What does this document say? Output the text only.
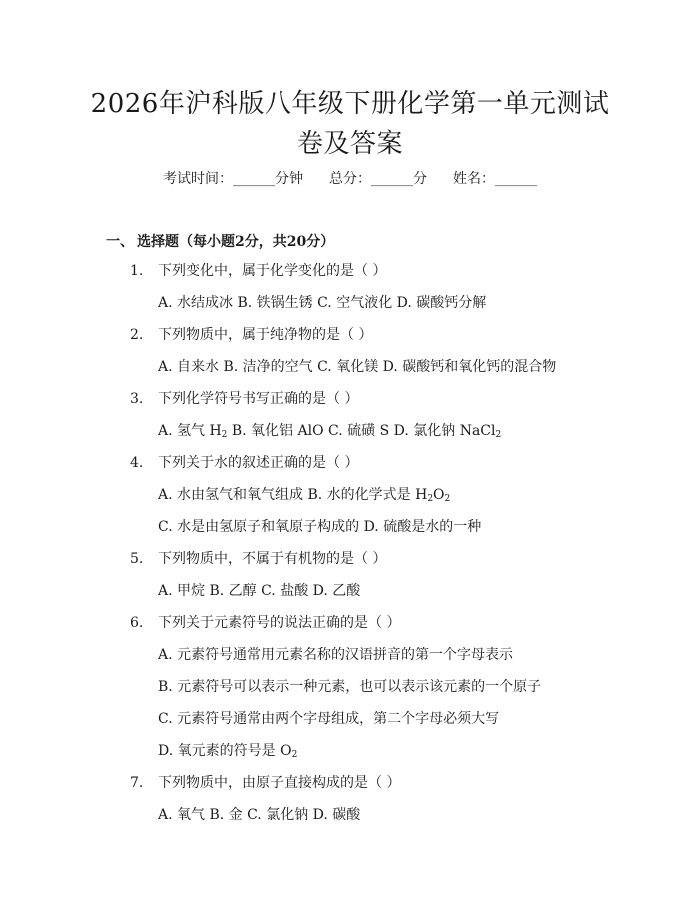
2026年沪科版八年级下册化学第一单元测试
卷及答案
考试时间：______分钟 总分：______分 姓名：______
一、 选择题（每小题2分，共20分）
1. 下列变化中，属于化学变化的是（ ）
A. 水结成冰 B. 铁锅生锈 C. 空气液化 D. 碳酸钙分解
2. 下列物质中，属于纯净物的是（ ）
A. 自来水 B. 洁净的空气 C. 氧化镁 D. 碳酸钙和氧化钙的混合物
3. 下列化学符号书写正确的是（ ）
A. 氢气 $H_2$ B. 氧化铝 AlO C. 硫磺 S D. 氯化钠 NaCl$_2$
4. 下列关于水的叙述正确的是（ ）
A. 水由氢气和氧气组成 B. 水的化学式是 $H_2O_2$
C. 水是由氢原子和氧原子构成的 D. 硫酸是水的一种
5. 下列物质中，不属于有机物的是（ ）
A. 甲烷 B. 乙醇 C. 盐酸 D. 乙酸
6. 下列关于元素符号的说法正确的是（ ）
A. 元素符号通常用元素名称的汉语拼音的第一个字母表示
B. 元素符号可以表示一种元素，也可以表示该元素的一个原子
C. 元素符号通常由两个字母组成，第二个字母必须大写
D. 氧元素的符号是 $O_2$
7. 下列物质中，由原子直接构成的是（ ）
A. 氧气 B. 金 C. 氯化钠 D. 碳酸
